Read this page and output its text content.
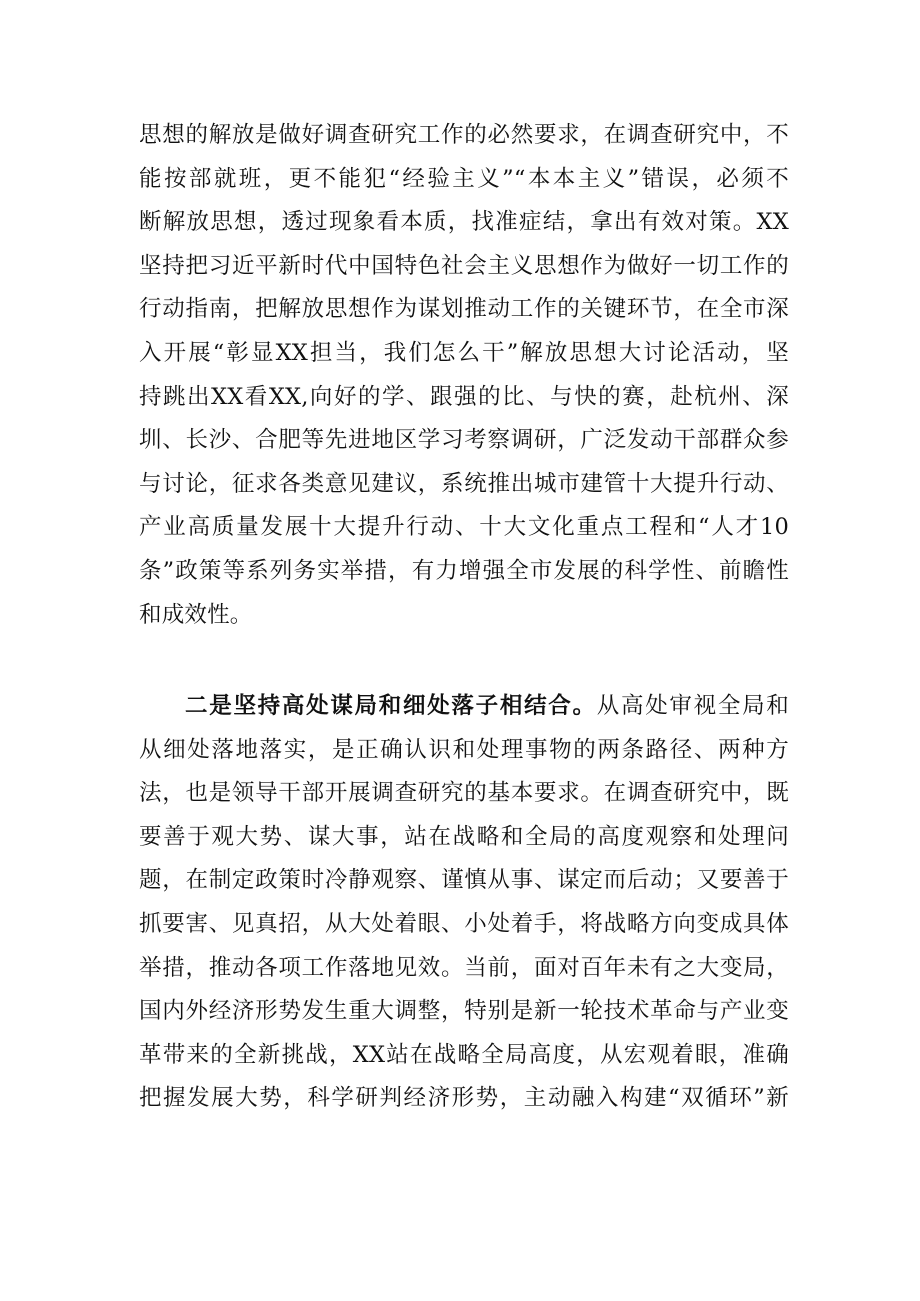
思想的解放是做好调查研究工作的必然要求，在调查研究中，不
能按部就班，更不能犯“经验主义”“本本主义”错误，必须不
断解放思想，透过现象看本质，找准症结，拿出有效对策。XX
坚持把习近平新时代中国特色社会主义思想作为做好一切工作的
行动指南，把解放思想作为谋划推动工作的关键环节，在全市深
入开展“彰显XX担当，我们怎么干”解放思想大讨论活动，坚
持跳出XX看XX,向好的学、跟强的比、与快的赛，赴杭州、深
圳、长沙、合肥等先进地区学习考察调研，广泛发动干部群众参
与讨论，征求各类意见建议，系统推出城市建管十大提升行动、
产业高质量发展十大提升行动、十大文化重点工程和“人才10
条”政策等系列务实举措，有力增强全市发展的科学性、前瞻性
和成效性。
二是坚持高处谋局和细处落子相结合。从高处审视全局和
从细处落地落实，是正确认识和处理事物的两条路径、两种方
法，也是领导干部开展调查研究的基本要求。在调查研究中，既
要善于观大势、谋大事，站在战略和全局的高度观察和处理问
题，在制定政策时冷静观察、谨慎从事、谋定而后动；又要善于
抓要害、见真招，从大处着眼、小处着手，将战略方向变成具体
举措，推动各项工作落地见效。当前，面对百年未有之大变局，
国内外经济形势发生重大调整，特别是新一轮技术革命与产业变
革带来的全新挑战，XX站在战略全局高度，从宏观着眼，准确
把握发展大势，科学研判经济形势，主动融入构建“双循环”新
